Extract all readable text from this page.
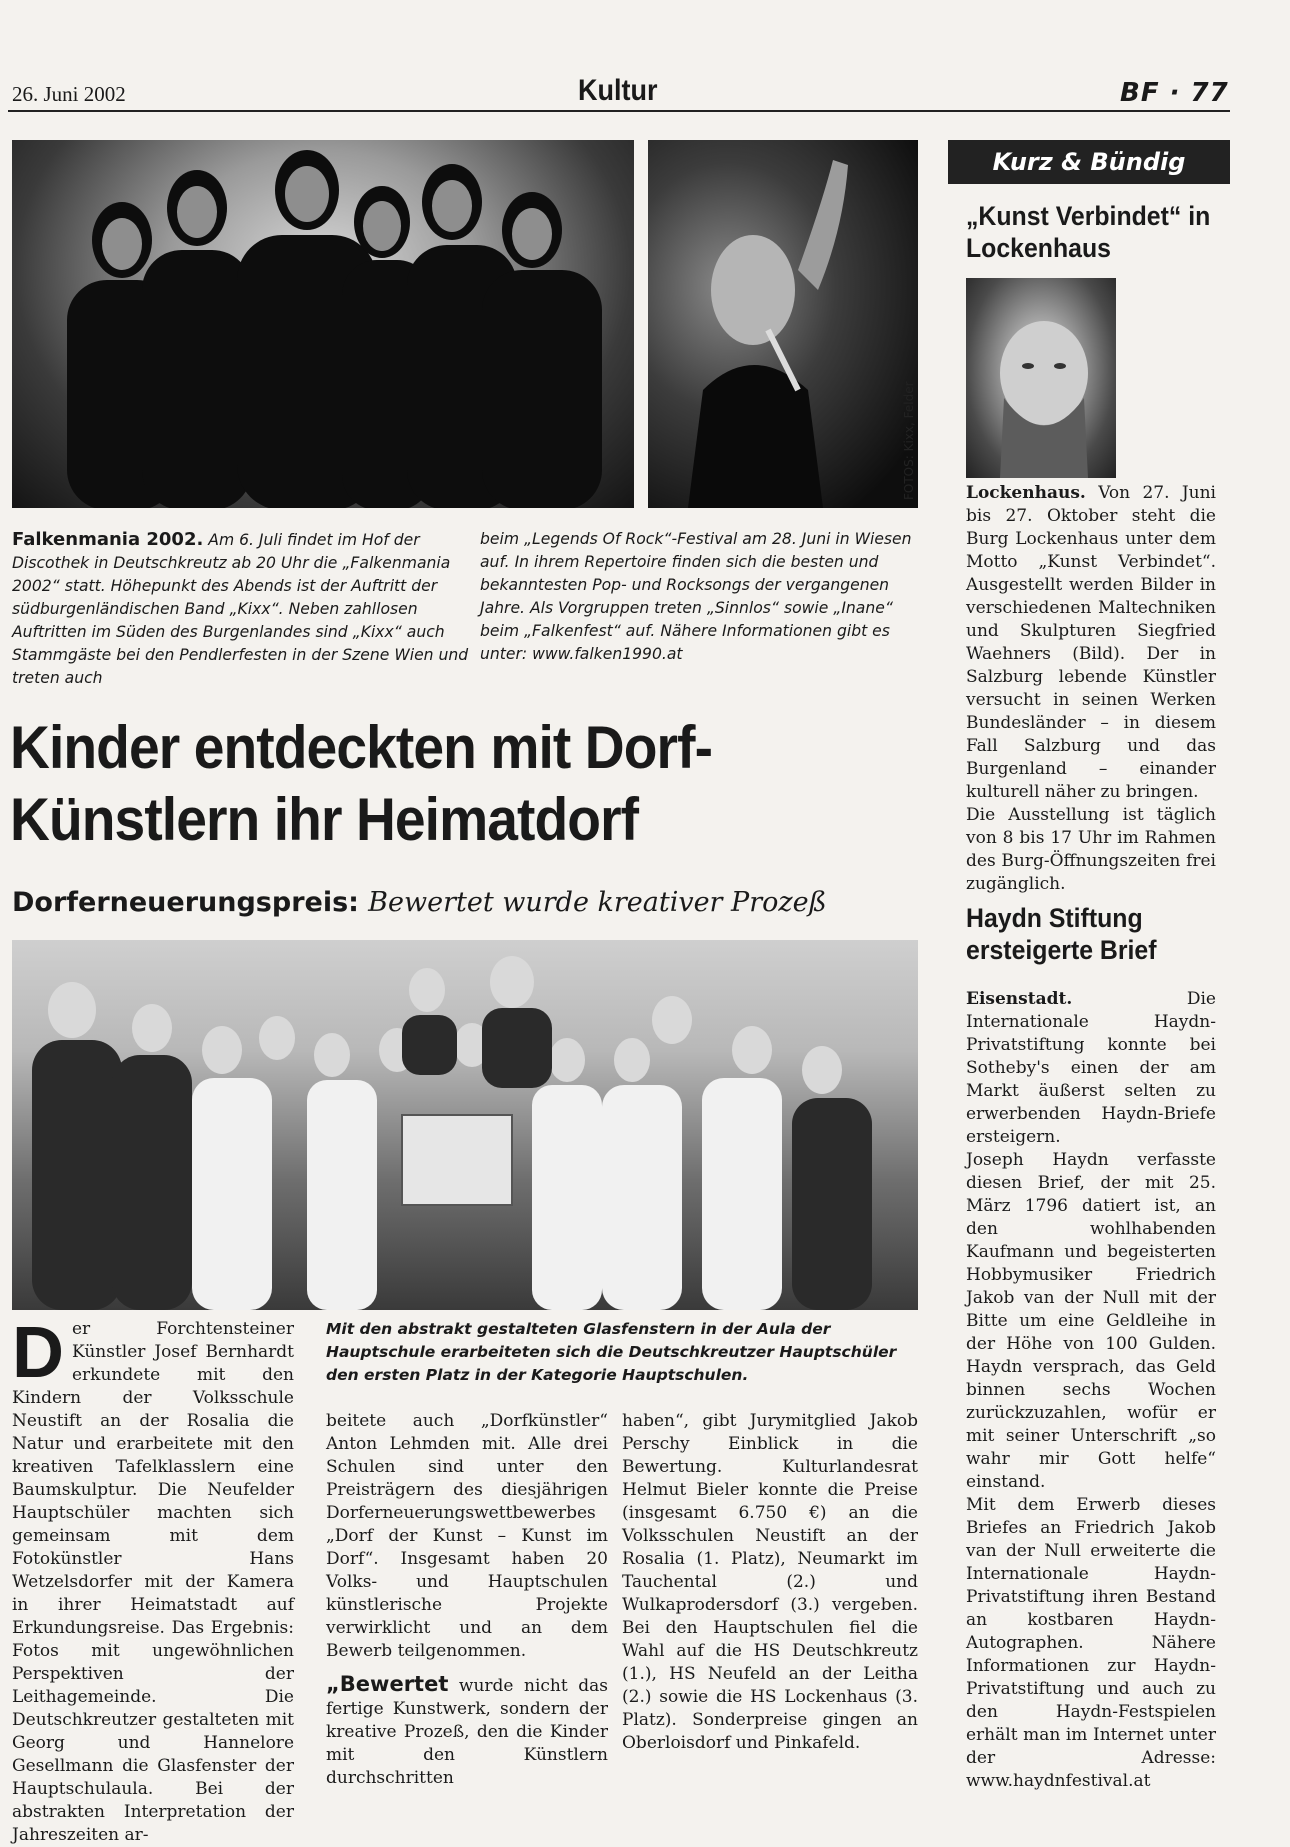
26. Juni 2002	Kultur	BF · 77
FOTOS: Kixx, Felder
Falkenmania 2002. Am 6. Juli findet im Hof der Discothek in Deutschkreutz ab 20 Uhr die „Falkenmania 2002“ statt. Höhepunkt des Abends ist der Auftritt der südburgenländischen Band „Kixx“. Neben zahllosen Auftritten im Süden des Burgenlandes sind „Kixx“ auch Stammgäste bei den Pendlerfesten in der Szene Wien und treten auch
beim „Legends Of Rock“-Festival am 28. Juni in Wiesen auf. In ihrem Repertoire finden sich die besten und bekanntesten Pop- und Rocksongs der vergangenen Jahre. Als Vorgruppen treten „Sinnlos“ sowie „Inane“ beim „Falkenfest“ auf. Nähere Informationen gibt es unter: www.falken1990.at
Kinder entdeckten mit Dorf-
Künstlern ihr Heimatdorf
Dorferneuerungspreis: Bewertet wurde kreativer Prozeß
Mit den abstrakt gestalteten Glasfenstern in der Aula der Hauptschule erarbeiteten sich die Deutschkreutzer Hauptschüler den ersten Platz in der Kategorie Hauptschulen.
Der Forchtensteiner Künstler Josef Bernhardt erkundete mit den Kindern der Volksschule Neustift an der Rosalia die Natur und erarbeitete mit den kreativen Tafelklasslern eine Baumskulptur. Die Neufelder Hauptschüler machten sich gemeinsam mit dem Fotokünstler Hans Wetzelsdorfer mit der Kamera in ihrer Heimatstadt auf Erkundungsreise. Das Ergebnis: Fotos mit ungewöhnlichen Perspektiven der Leithagemeinde. Die Deutschkreutzer gestalteten mit Georg und Hannelore Gesellmann die Glasfenster der Hauptschulaula. Bei der abstrakten Interpretation der Jahreszeiten ar-
beitete auch „Dorfkünstler“ Anton Lehmden mit. Alle drei Schulen sind unter den Preisträgern des diesjährigen Dorferneuerungswettbewerbes „Dorf der Kunst – Kunst im Dorf“. Insgesamt haben 20 Volks- und Hauptschulen künstlerische Projekte verwirklicht und an dem Bewerb teilgenommen.
„Bewertet wurde nicht das fertige Kunstwerk, sondern der kreative Prozeß, den die Kinder mit den Künstlern durchschritten
haben“, gibt Jurymitglied Jakob Perschy Einblick in die Bewertung. Kulturlandesrat Helmut Bieler konnte die Preise (insgesamt 6.750 €) an die Volksschulen Neustift an der Rosalia (1. Platz), Neumarkt im Tauchental (2.) und Wulkaprodersdorf (3.) vergeben. Bei den Hauptschulen fiel die Wahl auf die HS Deutschkreutz (1.), HS Neufeld an der Leitha (2.) sowie die HS Lockenhaus (3. Platz). Sonderpreise gingen an Oberloisdorf und Pinkafeld.
Kurz & Bündig
„Kunst Verbindet“ in Lockenhaus
Lockenhaus. Von 27. Juni bis 27. Oktober steht die Burg Lockenhaus unter dem Motto „Kunst Verbindet“. Ausgestellt werden Bilder in verschiedenen Maltechniken und Skulpturen Siegfried Waehners (Bild). Der in Salzburg lebende Künstler versucht in seinen Werken Bundesländer – in diesem Fall Salzburg und das Burgenland – einander kulturell näher zu bringen.
Die Ausstellung ist täglich von 8 bis 17 Uhr im Rahmen des Burg-Öffnungszeiten frei zugänglich.
Haydn Stiftung ersteigerte Brief
Eisenstadt.	Die Internationale Haydn-Privatstiftung konnte bei Sotheby's einen der am Markt äußerst selten zu erwerbenden Haydn-Briefe ersteigern.
Joseph Haydn verfasste diesen Brief, der mit 25. März 1796 datiert ist, an den wohlhabenden Kaufmann und begeisterten Hobbymusiker Friedrich Jakob van der Null mit der Bitte um eine Geldleihe in der Höhe von 100 Gulden. Haydn versprach, das Geld binnen sechs Wochen zurückzuzahlen, wofür er mit seiner Unterschrift „so wahr mir Gott helfe“ einstand.
Mit dem Erwerb dieses Briefes an Friedrich Jakob van der Null erweiterte die Internationale Haydn-Privatstiftung ihren Bestand an kostbaren Haydn-Autographen. Nähere Informationen zur Haydn-Privatstiftung und auch zu den Haydn-Festspielen erhält man im Internet unter der Adresse: www.haydnfestival.at
